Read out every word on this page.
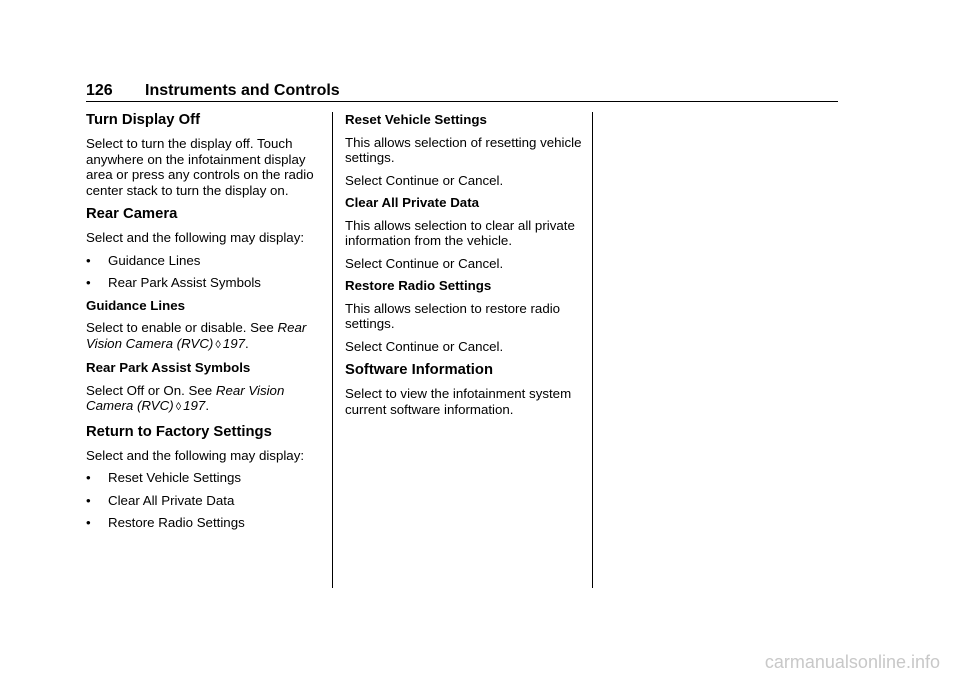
126 Instruments and Controls
Turn Display Off

Select to turn the display off. Touch anywhere on the infotainment display area or press any controls on the radio center stack to turn the display on.

Rear Camera

Select and the following may display:

• Guidance Lines
• Rear Park Assist Symbols

Guidance Lines

Select to enable or disable. See Rear Vision Camera (RVC) ◊ 197.

Rear Park Assist Symbols

Select Off or On. See Rear Vision Camera (RVC) ◊ 197.

Return to Factory Settings

Select and the following may display:

• Reset Vehicle Settings
• Clear All Private Data
• Restore Radio Settings

Reset Vehicle Settings

This allows selection of resetting vehicle settings.

Select Continue or Cancel.

Clear All Private Data

This allows selection to clear all private information from the vehicle.

Select Continue or Cancel.

Restore Radio Settings

This allows selection to restore radio settings.

Select Continue or Cancel.

Software Information

Select to view the infotainment system current software information.

carmanualsonline.info
